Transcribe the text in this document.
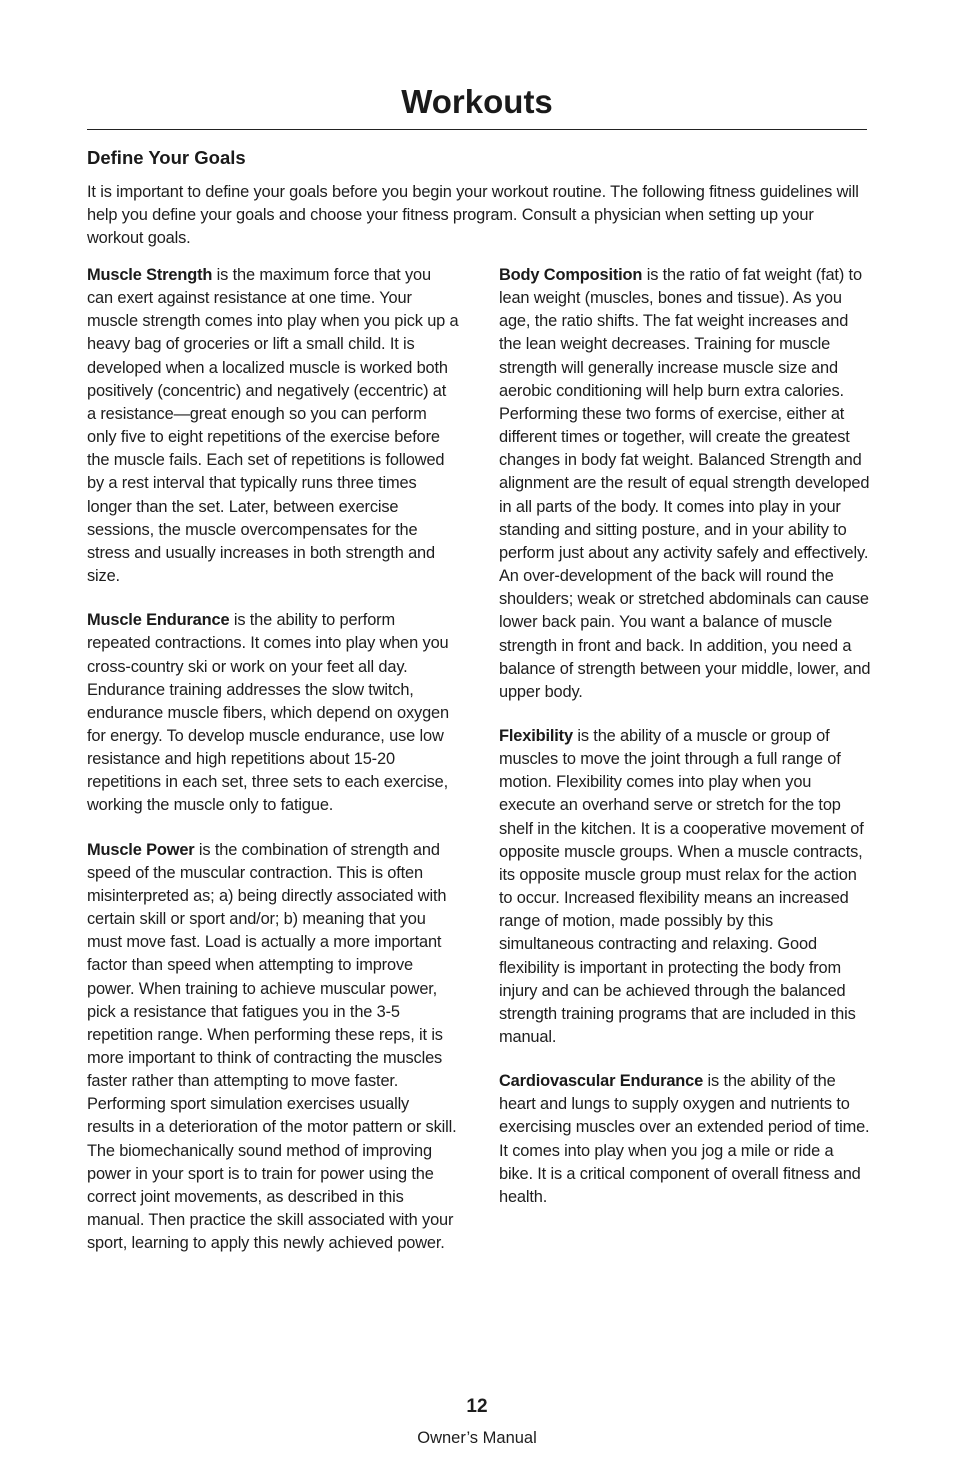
Workouts
Define Your Goals

It is important to define your goals before you begin your workout routine. The following fitness guidelines will help you define your goals and choose your fitness program. Consult a physician when setting up your workout goals.

Muscle Strength is the maximum force that you can exert against resistance at one time. Your muscle strength comes into play when you pick up a heavy bag of groceries or lift a small child. It is developed when a localized muscle is worked both positively (concentric) and negatively (eccentric) at a resistance—great enough so you can perform only five to eight repetitions of the exercise before the muscle fails. Each set of repetitions is followed by a rest interval that typically runs three times longer than the set. Later, between exercise sessions, the muscle overcompensates for the stress and usually increases in both strength and size.

Muscle Endurance is the ability to perform repeated contractions. It comes into play when you cross-country ski or work on your feet all day. Endurance training addresses the slow twitch, endurance muscle fibers, which depend on oxygen for energy. To develop muscle endurance, use low resistance and high repetitions about 15-20 repetitions in each set, three sets to each exercise, working the muscle only to fatigue.

Muscle Power is the combination of strength and speed of the muscular contraction. This is often misinterpreted as; a) being directly associated with certain skill or sport and/or; b) meaning that you must move fast. Load is actually a more important factor than speed when attempting to improve power. When training to achieve muscular power, pick a resistance that fatigues you in the 3-5 repetition range. When performing these reps, it is more important to think of contracting the muscles faster rather than attempting to move faster. Performing sport simulation exercises usually results in a deterioration of the motor pattern or skill. The biomechanically sound method of improving power in your sport is to train for power using the correct joint movements, as described in this manual. Then practice the skill associated with your sport, learning to apply this newly achieved power.

Body Composition is the ratio of fat weight (fat) to lean weight (muscles, bones and tissue). As you age, the ratio shifts. The fat weight increases and the lean weight decreases. Training for muscle strength will generally increase muscle size and aerobic conditioning will help burn extra calories. Performing these two forms of exercise, either at different times or together, will create the greatest changes in body fat weight. Balanced Strength and alignment are the result of equal strength developed in all parts of the body. It comes into play in your standing and sitting posture, and in your ability to perform just about any activity safely and effectively. An over-development of the back will round the shoulders; weak or stretched abdominals can cause lower back pain. You want a balance of muscle strength in front and back. In addition, you need a balance of strength between your middle, lower, and upper body.

Flexibility is the ability of a muscle or group of muscles to move the joint through a full range of motion. Flexibility comes into play when you execute an overhand serve or stretch for the top shelf in the kitchen. It is a cooperative movement of opposite muscle groups. When a muscle contracts, its opposite muscle group must relax for the action to occur. Increased flexibility means an increased range of motion, made possibly by this simultaneous contracting and relaxing. Good flexibility is important in protecting the body from injury and can be achieved through the balanced strength training programs that are included in this manual.

Cardiovascular Endurance is the ability of the heart and lungs to supply oxygen and nutrients to exercising muscles over an extended period of time. It comes into play when you jog a mile or ride a bike. It is a critical component of overall fitness and health.

12
Owner’s Manual
